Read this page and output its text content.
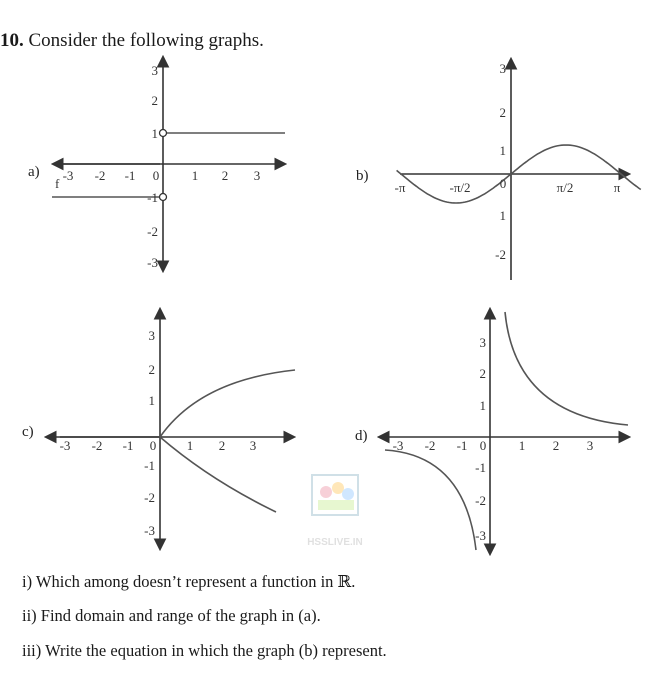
10. Consider the following graphs.
a)
f
-3 -2 -1 0	1 2 3
3
2
1
-1
-2
-3
b)
-π	-π/2 0	π/2	π
3
2
1
1
-2
c)
-3 -2 -1 0 1 2 3
3
2
1
-1
-2
-3
HSSLIVE.IN
d)
-3 -2 -1 0	1 2 3
3
2
1
-1
-2
-3
i) Which among doesn’t represent a function in ℝ.
ii) Find domain and range of the graph in (a).
iii) Write the equation in which the graph (b) represent.
